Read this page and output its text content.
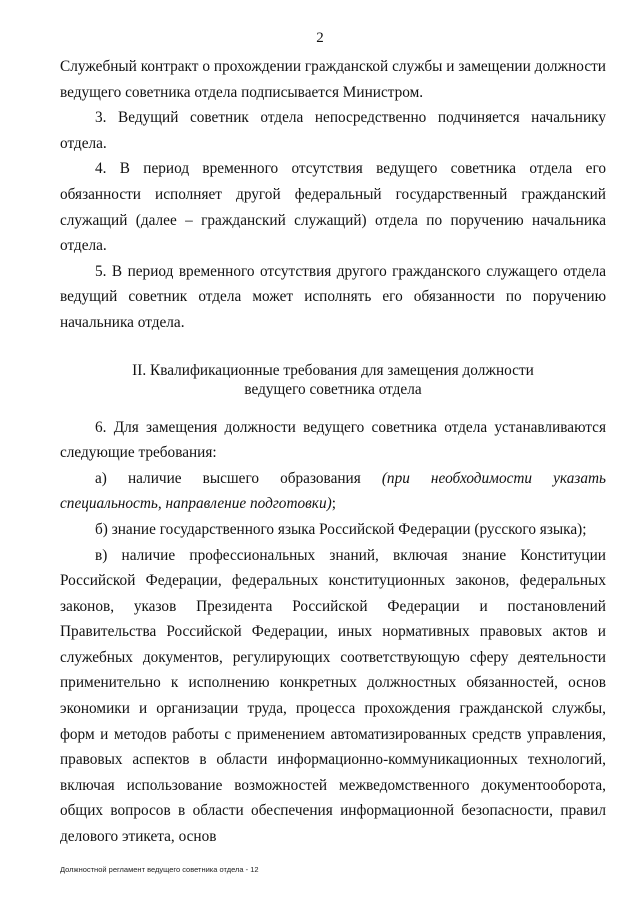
2

Служебный контракт о прохождении гражданской службы и замещении должности ведущего советника отдела подписывается Министром.

3. Ведущий советник отдела непосредственно подчиняется начальнику отдела.

4. В период временного отсутствия ведущего советника отдела его обязанности исполняет другой федеральный государственный гражданский служащий (далее – гражданский служащий) отдела по поручению начальника отдела.

5. В период временного отсутствия другого гражданского служащего отдела ведущий советник отдела может исполнять его обязанности по поручению начальника отдела.

II. Квалификационные требования для замещения должности
ведущего советника отдела

6. Для замещения должности ведущего советника отдела устанавливаются следующие требования:

а) наличие высшего образования (при необходимости указать специальность, направление подготовки);

б) знание государственного языка Российской Федерации (русского языка);

в) наличие профессиональных знаний, включая знание Конституции Российской Федерации, федеральных конституционных законов, федеральных законов, указов Президента Российской Федерации и постановлений Правительства Российской Федерации, иных нормативных правовых актов и служебных документов, регулирующих соответствующую сферу деятельности применительно к исполнению конкретных должностных обязанностей, основ экономики и организации труда, процесса прохождения гражданской службы, форм и методов работы с применением автоматизированных средств управления, правовых аспектов в области информационно-коммуникационных технологий, включая использование возможностей межведомственного документооборота, общих вопросов в области обеспечения информационной безопасности, правил делового этикета, основ

Должностной регламент ведущего советника отдела - 12
